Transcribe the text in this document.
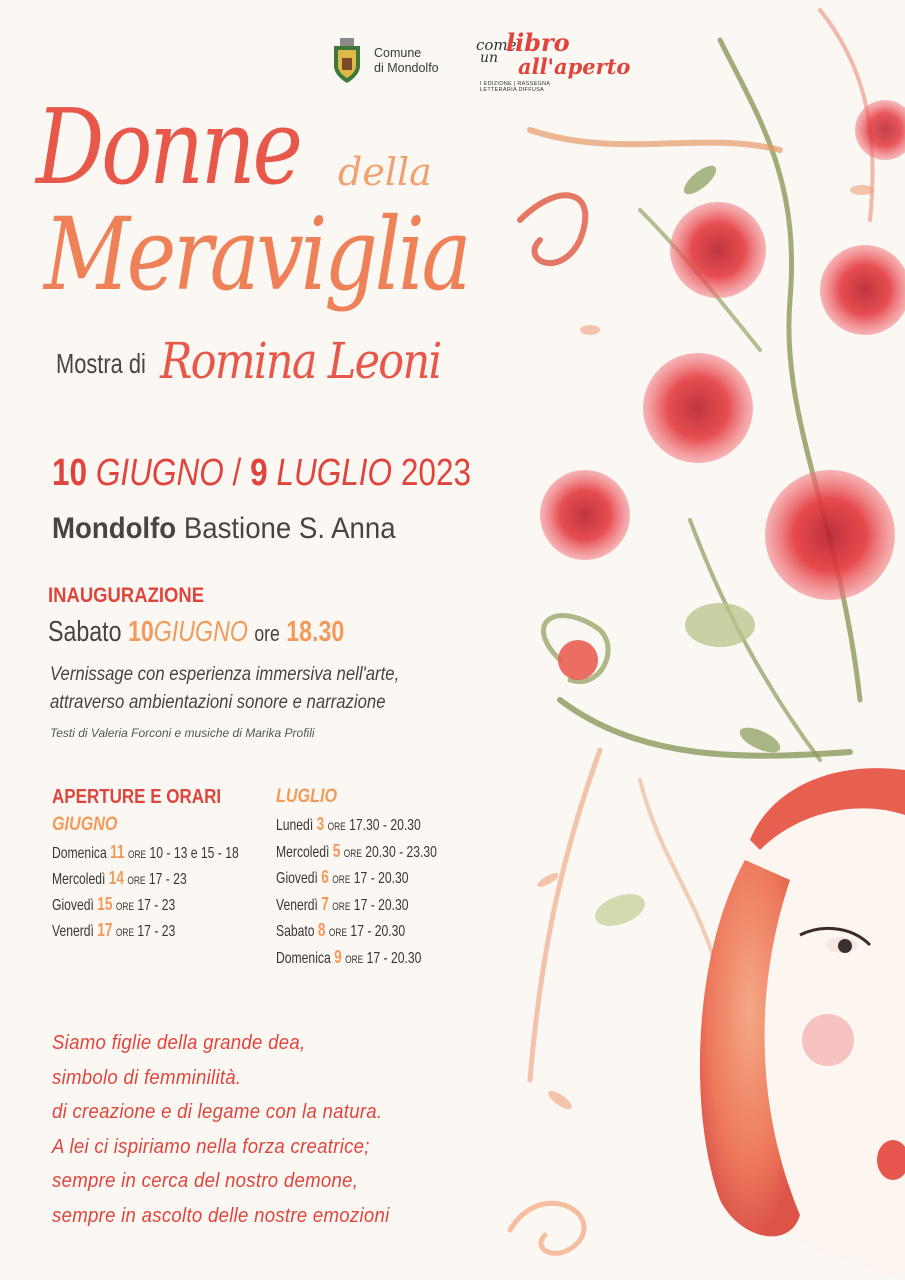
Comune
di Mondolfo
come
libro
un all'aperto
I EDIZIONE | RASSEGNA LETTERARIA DIFFUSA
Donne della
Meraviglia
Mostra di Romina Leoni
10 GIUGNO / 9 LUGLIO 2023
Mondolfo Bastione S. Anna
INAUGURAZIONE
Sabato 10GIUGNO ore 18.30
Vernissage con esperienza immersiva nell'arte,
attraverso ambientazioni sonore e narrazione
Testi di Valeria Forconi e musiche di Marika Profili
APERTURE E ORARI
GIUGNO
Domenica 11 ORE 10 - 13 e 15 - 18
Mercoledì 14 ORE 17 - 23
Giovedì 15 ORE 17 - 23
Venerdì 17 ORE 17 - 23
LUGLIO
Lunedì 3 ORE 17.30 - 20.30
Mercoledì 5 ORE 20.30 - 23.30
Giovedì 6 ORE 17 - 20.30
Venerdì 7 ORE 17 - 20.30
Sabato 8 ORE 17 - 20.30
Domenica 9 ORE 17 - 20.30
Siamo figlie della grande dea,
simbolo di femminilità.
di creazione e di legame con la natura.
A lei ci ispiriamo nella forza creatrice;
sempre in cerca del nostro demone,
sempre in ascolto delle nostre emozioni
